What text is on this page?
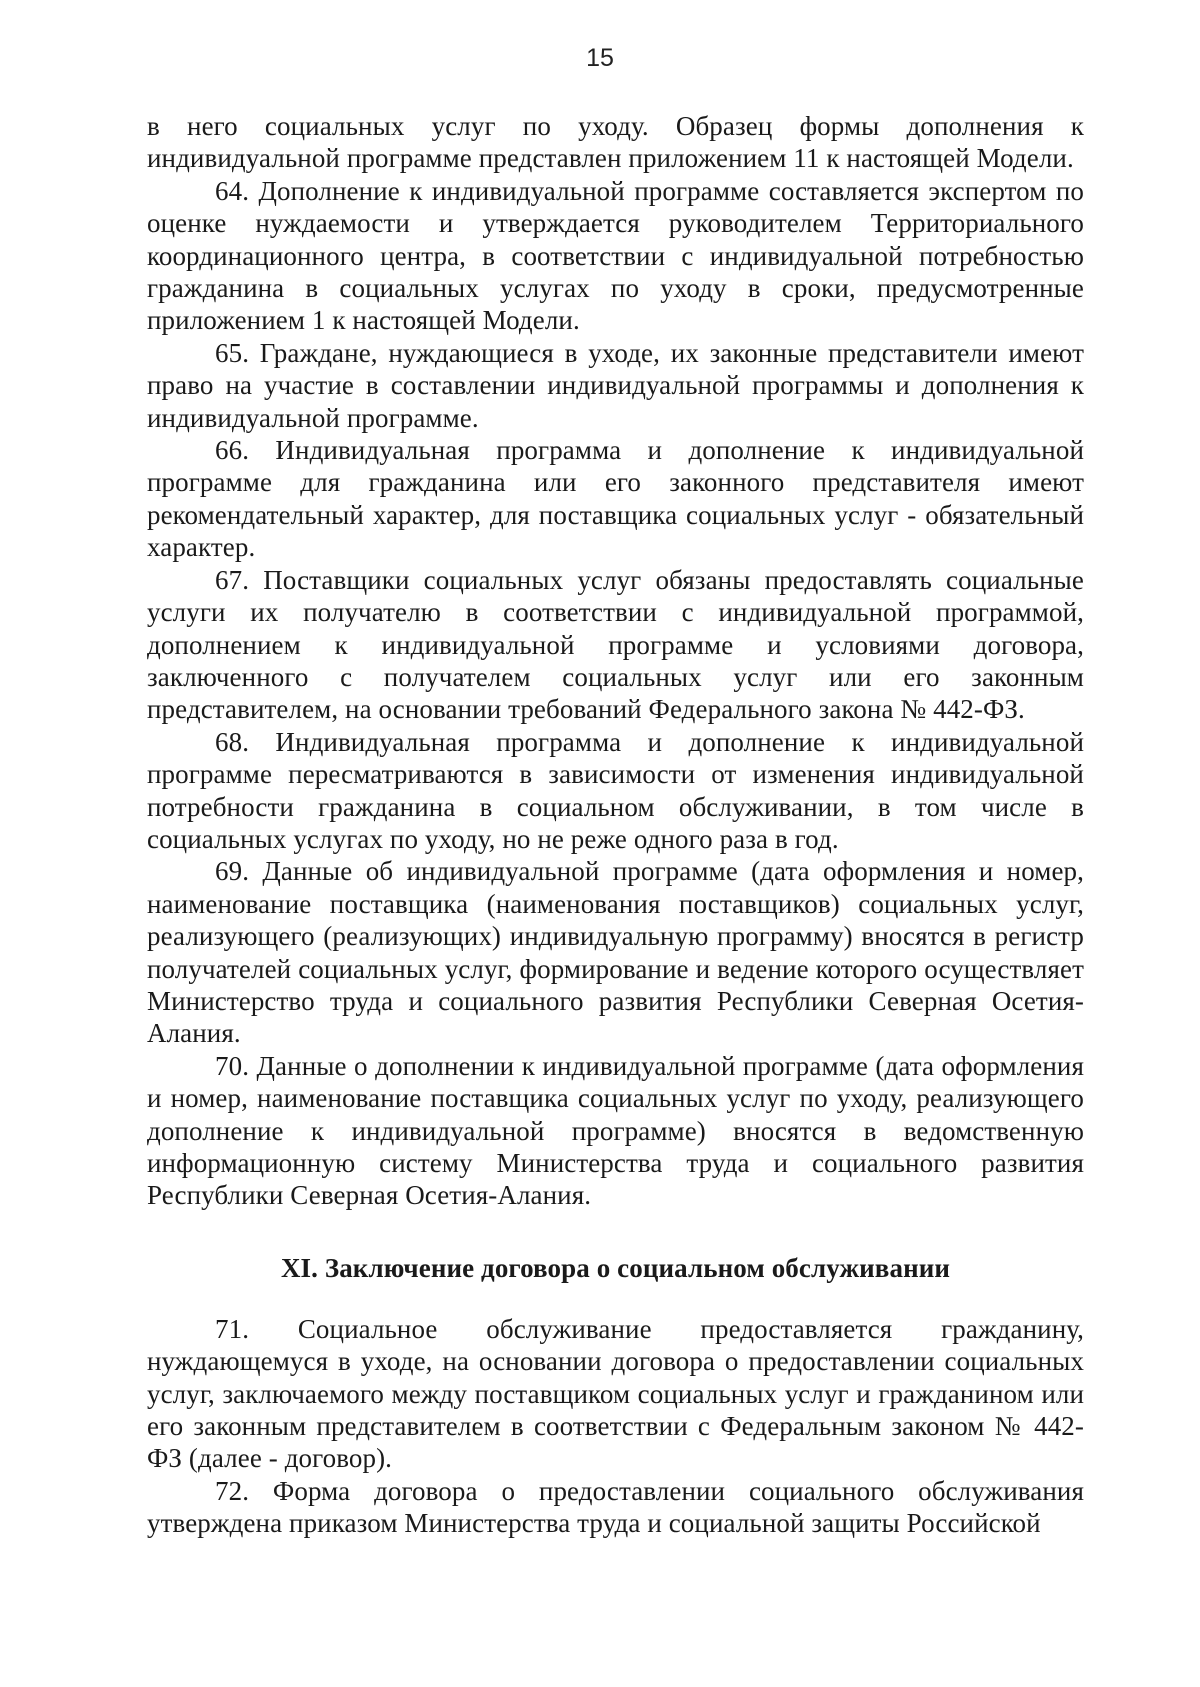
15

в него социальных услуг по уходу. Образец формы дополнения к индивидуальной программе представлен приложением 11 к настоящей Модели.

64. Дополнение к индивидуальной программе составляется экспертом по оценке нуждаемости и утверждается руководителем Территориального координационного центра, в соответствии с индивидуальной потребностью гражданина в социальных услугах по уходу в сроки, предусмотренные приложением 1 к настоящей Модели.

65. Граждане, нуждающиеся в уходе, их законные представители имеют право на участие в составлении индивидуальной программы и дополнения к индивидуальной программе.

66. Индивидуальная программа и дополнение к индивидуальной программе для гражданина или его законного представителя имеют рекомендательный характер, для поставщика социальных услуг - обязательный характер.

67. Поставщики социальных услуг обязаны предоставлять социальные услуги их получателю в соответствии с индивидуальной программой, дополнением к индивидуальной программе и условиями договора, заключенного с получателем социальных услуг или его законным представителем, на основании требований Федерального закона № 442-ФЗ.

68. Индивидуальная программа и дополнение к индивидуальной программе пересматриваются в зависимости от изменения индивидуальной потребности гражданина в социальном обслуживании, в том числе в социальных услугах по уходу, но не реже одного раза в год.

69. Данные об индивидуальной программе (дата оформления и номер, наименование поставщика (наименования поставщиков) социальных услуг, реализующего (реализующих) индивидуальную программу) вносятся в регистр получателей социальных услуг, формирование и ведение которого осуществляет Министерство труда и социального развития Республики Северная Осетия-Алания.

70. Данные о дополнении к индивидуальной программе (дата оформления и номер, наименование поставщика социальных услуг по уходу, реализующего дополнение к индивидуальной программе) вносятся в ведомственную информационную систему Министерства труда и социального развития Республики Северная Осетия-Алания.

XI. Заключение договора о социальном обслуживании

71. Социальное обслуживание предоставляется гражданину, нуждающемуся в уходе, на основании договора о предоставлении социальных услуг, заключаемого между поставщиком социальных услуг и гражданином или его законным представителем в соответствии с Федеральным законом № 442-ФЗ (далее - договор).

72. Форма договора о предоставлении социального обслуживания утверждена приказом Министерства труда и социальной защиты Российской
